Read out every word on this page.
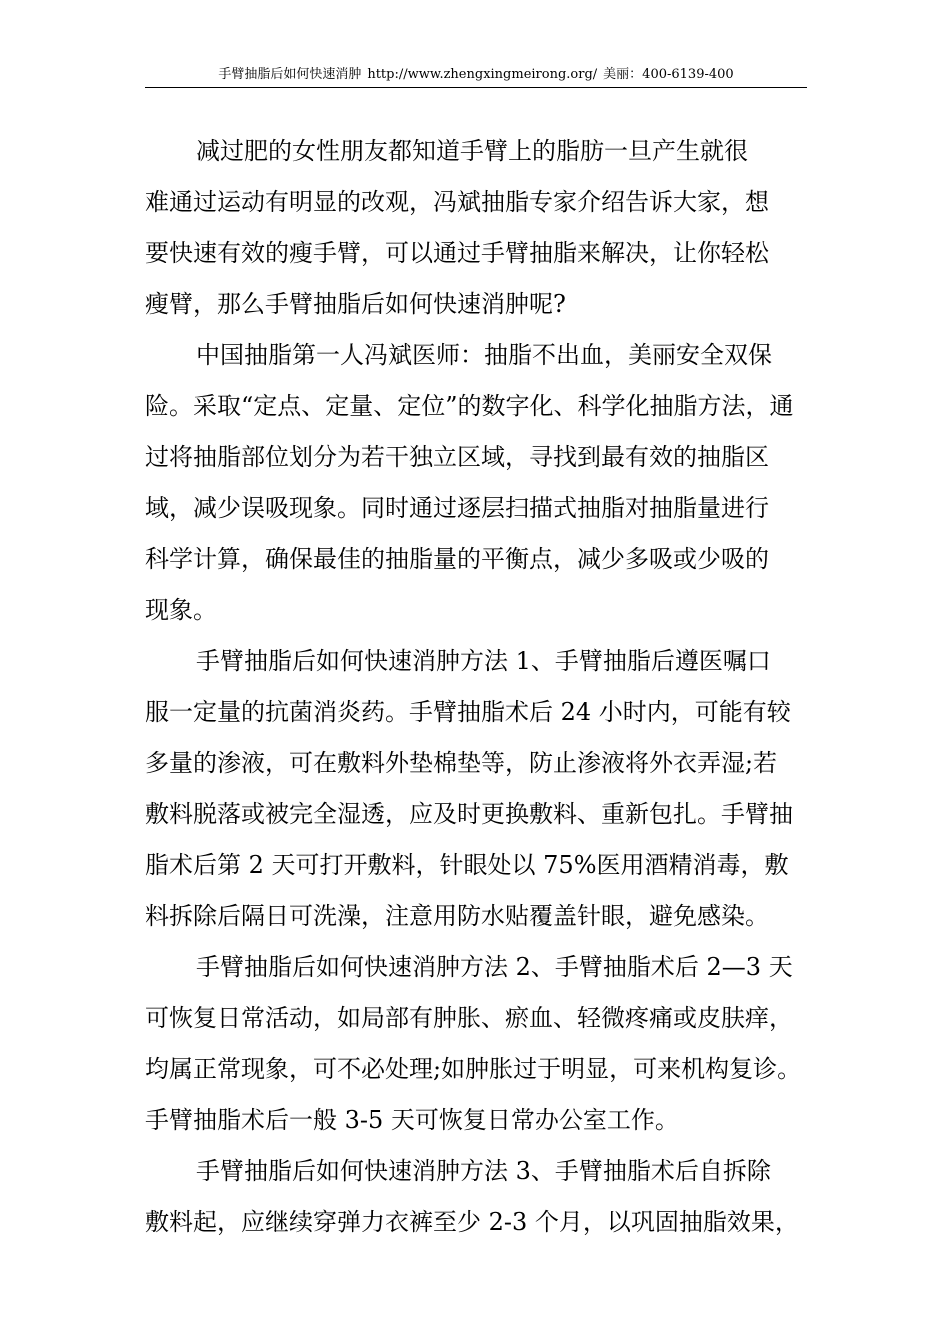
手臂抽脂后如何快速消肿 http://www.zhengxingmeirong.org/ 美丽：400-6139-400

减过肥的女性朋友都知道手臂上的脂肪一旦产生就很
难通过运动有明显的改观，冯斌抽脂专家介绍告诉大家，想
要快速有效的瘦手臂，可以通过手臂抽脂来解决，让你轻松
瘦臂，那么手臂抽脂后如何快速消肿呢?

中国抽脂第一人冯斌医师：抽脂不出血，美丽安全双保
险。采取“定点、定量、定位”的数字化、科学化抽脂方法，通
过将抽脂部位划分为若干独立区域，寻找到最有效的抽脂区
域，减少误吸现象。同时通过逐层扫描式抽脂对抽脂量进行
科学计算，确保最佳的抽脂量的平衡点，减少多吸或少吸的
现象。

手臂抽脂后如何快速消肿方法 1、手臂抽脂后遵医嘱口
服一定量的抗菌消炎药。手臂抽脂术后 24 小时内，可能有较
多量的渗液，可在敷料外垫棉垫等，防止渗液将外衣弄湿;若
敷料脱落或被完全湿透，应及时更换敷料、重新包扎。手臂抽
脂术后第 2 天可打开敷料，针眼处以 75%医用酒精消毒，敷
料拆除后隔日可洗澡，注意用防水贴覆盖针眼，避免感染。

手臂抽脂后如何快速消肿方法 2、手臂抽脂术后 2—3 天
可恢复日常活动，如局部有肿胀、瘀血、轻微疼痛或皮肤痒，
均属正常现象，可不必处理;如肿胀过于明显，可来机构复诊。
手臂抽脂术后一般 3-5 天可恢复日常办公室工作。

手臂抽脂后如何快速消肿方法 3、手臂抽脂术后自拆除
敷料起，应继续穿弹力衣裤至少 2-3 个月，以巩固抽脂效果，
